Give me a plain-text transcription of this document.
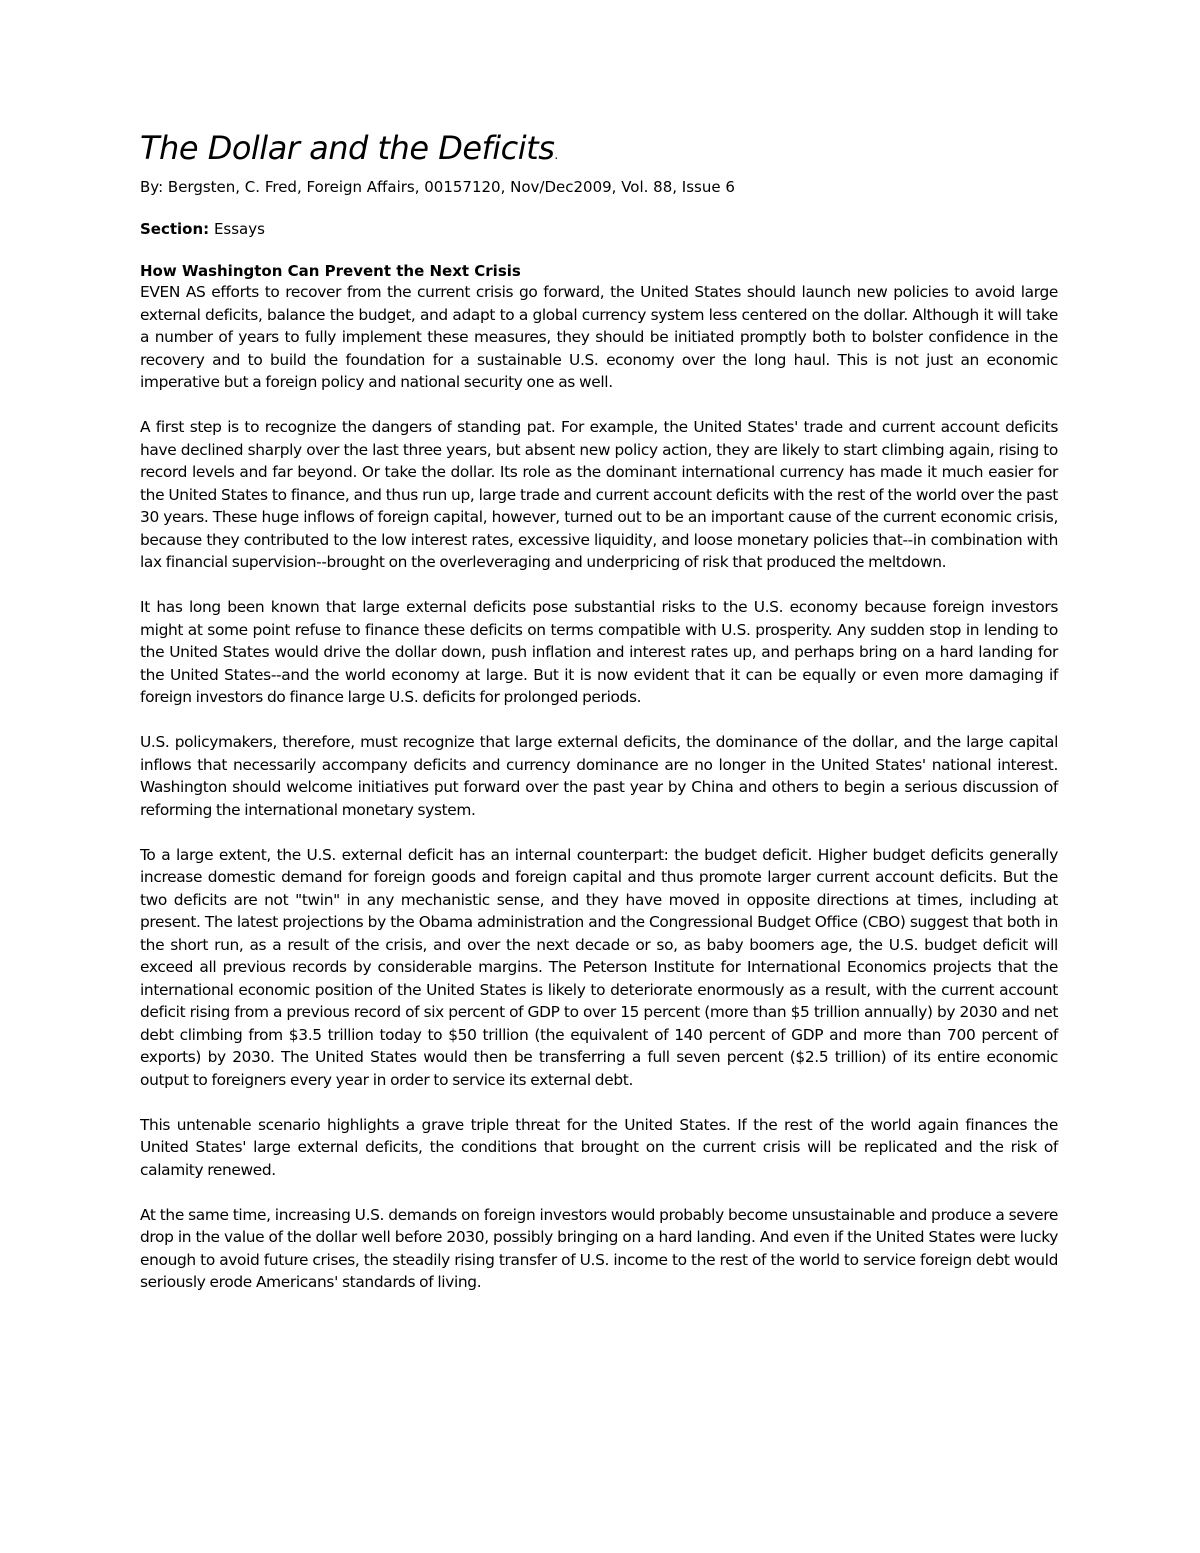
The Dollar and the Deficits.
By: Bergsten, C. Fred, Foreign Affairs, 00157120, Nov/Dec2009, Vol. 88, Issue 6
Section: Essays
How Washington Can Prevent the Next Crisis

EVEN AS efforts to recover from the current crisis go forward, the United States should launch new policies to avoid large external deficits, balance the budget, and adapt to a global currency system less centered on the dollar. Although it will take a number of years to fully implement these measures, they should be initiated promptly both to bolster confidence in the recovery and to build the foundation for a sustainable U.S. economy over the long haul. This is not just an economic imperative but a foreign policy and national security one as well.

A first step is to recognize the dangers of standing pat. For example, the United States' trade and current account deficits have declined sharply over the last three years, but absent new policy action, they are likely to start climbing again, rising to record levels and far beyond. Or take the dollar. Its role as the dominant international currency has made it much easier for the United States to finance, and thus run up, large trade and current account deficits with the rest of the world over the past 30 years. These huge inflows of foreign capital, however, turned out to be an important cause of the current economic crisis, because they contributed to the low interest rates, excessive liquidity, and loose monetary policies that--in combination with lax financial supervision--brought on the overleveraging and underpricing of risk that produced the meltdown.

It has long been known that large external deficits pose substantial risks to the U.S. economy because foreign investors might at some point refuse to finance these deficits on terms compatible with U.S. prosperity. Any sudden stop in lending to the United States would drive the dollar down, push inflation and interest rates up, and perhaps bring on a hard landing for the United States--and the world economy at large. But it is now evident that it can be equally or even more damaging if foreign investors do finance large U.S. deficits for prolonged periods.

U.S. policymakers, therefore, must recognize that large external deficits, the dominance of the dollar, and the large capital inflows that necessarily accompany deficits and currency dominance are no longer in the United States' national interest. Washington should welcome initiatives put forward over the past year by China and others to begin a serious discussion of reforming the international monetary system.

To a large extent, the U.S. external deficit has an internal counterpart: the budget deficit. Higher budget deficits generally increase domestic demand for foreign goods and foreign capital and thus promote larger current account deficits. But the two deficits are not "twin" in any mechanistic sense, and they have moved in opposite directions at times, including at present. The latest projections by the Obama administration and the Congressional Budget Office (CBO) suggest that both in the short run, as a result of the crisis, and over the next decade or so, as baby boomers age, the U.S. budget deficit will exceed all previous records by considerable margins. The Peterson Institute for International Economics projects that the international economic position of the United States is likely to deteriorate enormously as a result, with the current account deficit rising from a previous record of six percent of GDP to over 15 percent (more than $5 trillion annually) by 2030 and net debt climbing from $3.5 trillion today to $50 trillion (the equivalent of 140 percent of GDP and more than 700 percent of exports) by 2030. The United States would then be transferring a full seven percent ($2.5 trillion) of its entire economic output to foreigners every year in order to service its external debt.

This untenable scenario highlights a grave triple threat for the United States. If the rest of the world again finances the United States' large external deficits, the conditions that brought on the current crisis will be replicated and the risk of calamity renewed.

At the same time, increasing U.S. demands on foreign investors would probably become unsustainable and produce a severe drop in the value of the dollar well before 2030, possibly bringing on a hard landing. And even if the United States were lucky enough to avoid future crises, the steadily rising transfer of U.S. income to the rest of the world to service foreign debt would seriously erode Americans' standards of living.
